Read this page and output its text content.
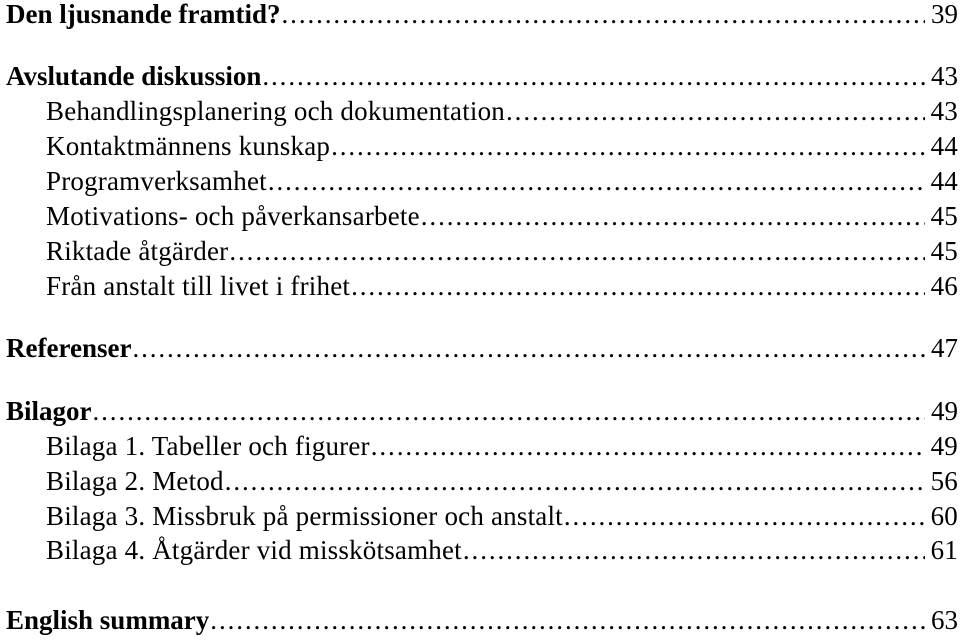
Den ljusnande framtid? .....	39
Avslutande diskussion .....	43
Behandlingsplanering och dokumentation .....	43
Kontaktmännens kunskap .....	44
Programverksamhet .....	44
Motivations- och påverkansarbete .....	45
Riktade åtgärder .....	45
Från anstalt till livet i frihet .....	46
Referenser .....	47
Bilagor .....	49
Bilaga 1. Tabeller och figurer .....	49
Bilaga 2. Metod .....	56
Bilaga 3. Missbruk på permissioner och anstalt .....	60
Bilaga 4. Åtgärder vid misskötsamhet .....	61
English summary .....	63
